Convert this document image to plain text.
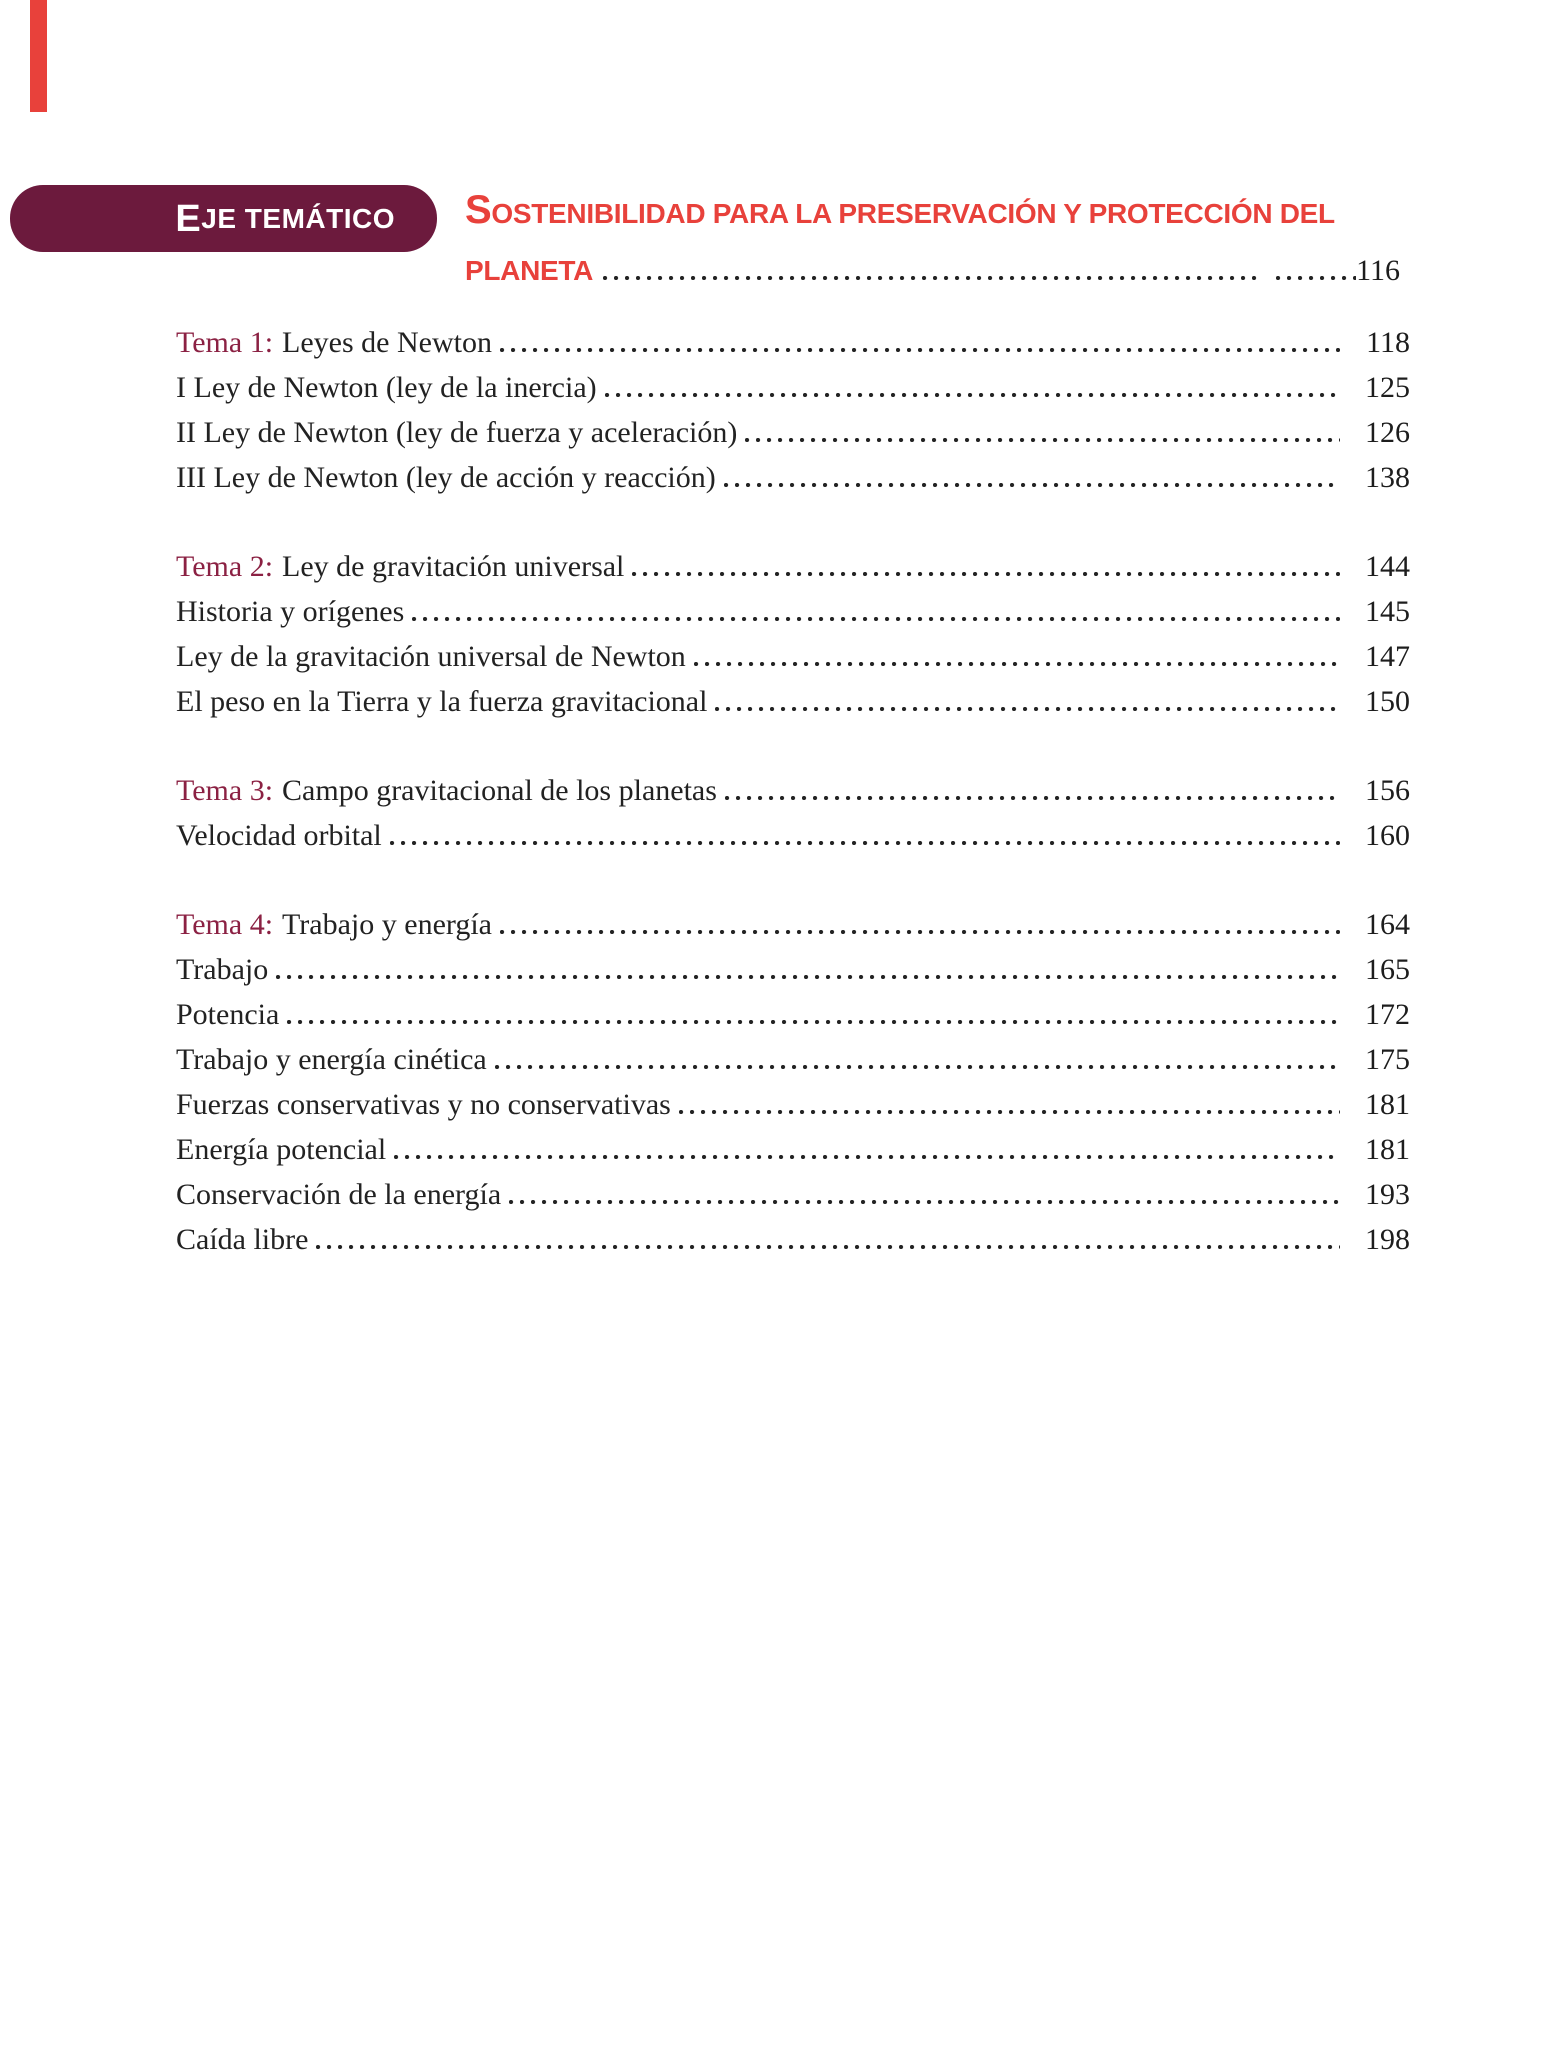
E JE TEMÁTICO SOSTENIBILIDAD PARA LA PRESERVACIÓN Y PROTECCIÓN DEL
PLANETA	116
Tema 1: Leyes de Newton	118
I Ley de Newton (ley de la inercia)	125
II Ley de Newton (ley de fuerza y aceleración)	126
III Ley de Newton (ley de acción y reacción)	138
Tema 2: Ley de gravitación universal	144
Historia y orígenes	145
Ley de la gravitación universal de Newton	147
El peso en la Tierra y la fuerza gravitacional	150
Tema 3: Campo gravitacional de los planetas	156
Velocidad orbital	160
Tema 4: Trabajo y energía	164
Trabajo	165
Potencia	172
Trabajo y energía cinética	175
Fuerzas conservativas y no conservativas	181
Energía potencial	181
Conservación de la energía	193
Caída libre	198
